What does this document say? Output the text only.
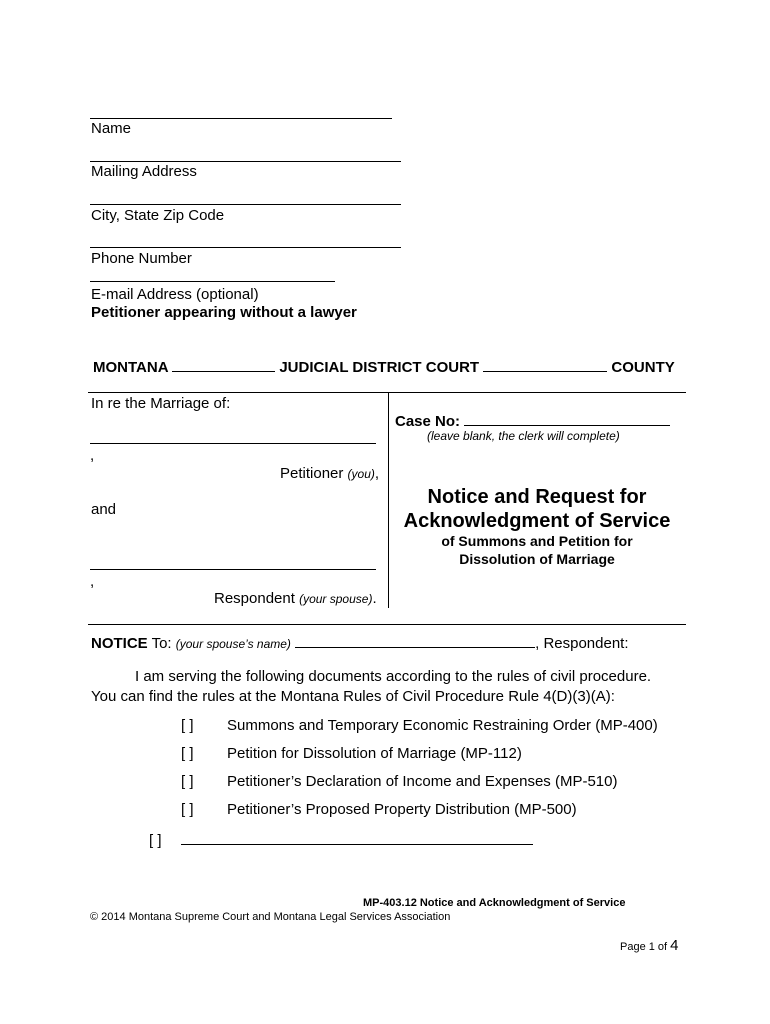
Name
Mailing Address
City, State Zip Code
Phone Number
E-mail Address (optional)
Petitioner appearing without a lawyer
MONTANA	JUDICIAL DISTRICT COURT	COUNTY
In re the Marriage of:
,
Petitioner (you),
and
,
Respondent (your spouse).
Case No:
(leave blank, the clerk will complete)
Notice and Request for
Acknowledgment of Service
of Summons and Petition for
Dissolution of Marriage
NOTICE To: (your spouse’s name)	, Respondent:
I am serving the following documents according to the rules of civil procedure.
You can find the rules at the Montana Rules of Civil Procedure Rule 4(D)(3)(A):
[ ] Summons and Temporary Economic Restraining Order (MP-400)
[ ] Petition for Dissolution of Marriage (MP-112)
[ ] Petitioner’s Declaration of Income and Expenses (MP-510)
[ ] Petitioner’s Proposed Property Distribution (MP-500)
[ ]
MP-403.12 Notice and Acknowledgment of Service
© 2014 Montana Supreme Court and Montana Legal Services Association
Page 1 of 4
